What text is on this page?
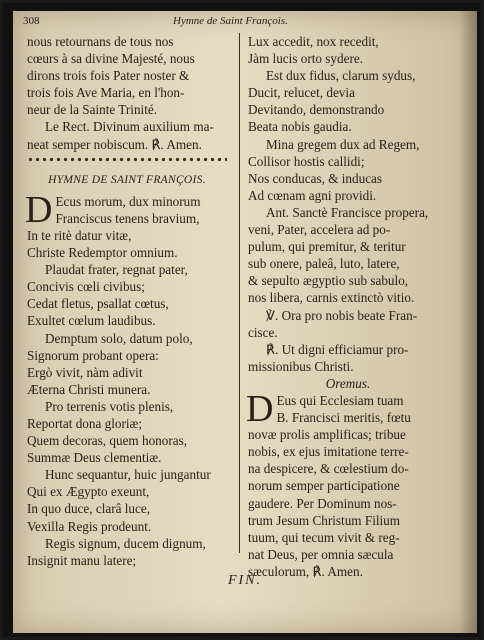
308	Hymne de Saint François.
nous retournans de tous nos
cœurs à sa divine Majesté, nous
dirons trois fois Pater noster &
trois fois Ave Maria, en l'hon-
neur de la Sainte Trinité.
Le Rect. Divinum auxilium ma-
neat semper nobiscum. ℟. Amen.
HYMNE DE SAINT FRANÇOIS.
D Ecus morum, dux minorum
Franciscus tenens bravium,
In te ritè datur vitæ,
Christe Redemptor omnium.
Plaudat frater, regnat pater,
Concivis cœli civibus;
Cedat fletus, psallat cœtus,
Exultet cœlum laudibus.
Demptum solo, datum polo,
Signorum probant opera:
Ergò vivit, nàm adivit
Æterna Christi munera.
Pro terrenis votis plenis,
Reportat dona gloriæ;
Quem decoras, quem honoras,
Summæ Deus clementiæ.
Hunc sequantur, huic jungantur
Qui ex Ægypto exeunt,
In quo duce, clarâ luce,
Vexilla Regis prodeunt.
Regis signum, ducem dignum,
Insignit manu latere;
Lux accedit, nox recedit,
Jàm lucis orto sydere.
Est dux fidus, clarum sydus,
Ducit, relucet, devia
Devitando, demonstrando
Beata nobis gaudia.
Mina gregem dux ad Regem,
Collisor hostis callidi;
Nos conducas, & inducas
Ad cœnam agni providi.
Ant. Sanctè Francisce propera,
veni, Pater, accelera ad po-
pulum, qui premitur, & teritur
sub onere, paleâ, luto, latere,
& sepulto ægyptio sub sabulo,
nos libera, carnis extinctò vitio.
℣. Ora pro nobis beate Fran-
cisce.
℟. Ut digni efficiamur pro-
missionibus Christi.
Oremus.
D Eus qui Ecclesiam tuam
B. Francisci meritis, fœtu
novæ prolis amplificas; tribue
nobis, ex ejus imitatione terre-
na despicere, & cœlestium do-
norum semper participatione
gaudere. Per Dominum nos-
trum Jesum Christum Filium
tuum, qui tecum vivit & reg-
nat Deus, per omnia sæcula
sæculorum, ℟. Amen.
FIN.
